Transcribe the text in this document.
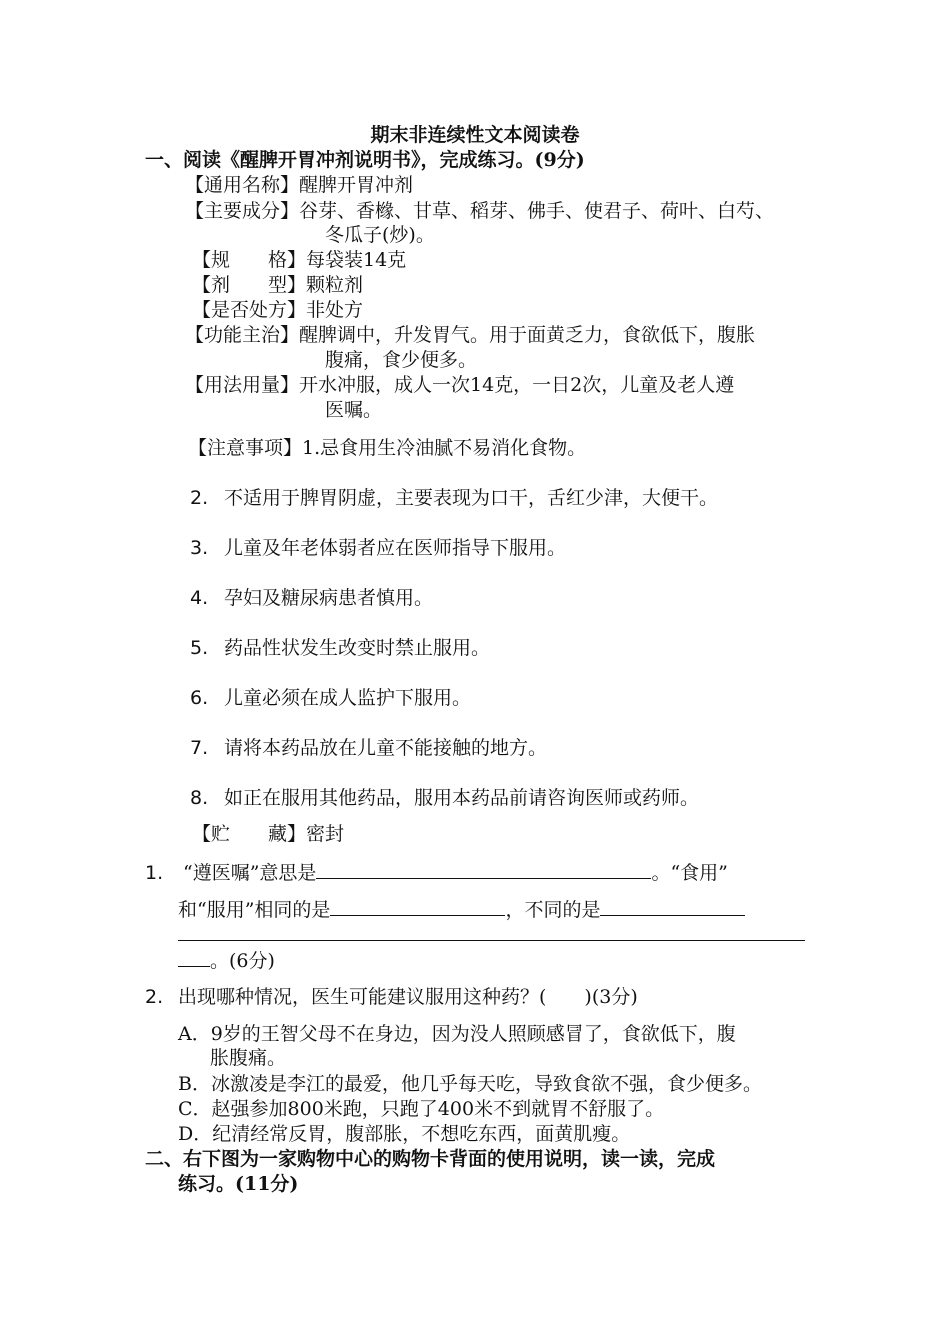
期末非连续性文本阅读卷
一、阅读《醒脾开胃冲剂说明书》，完成练习。(9分)
【通用名称】醒脾开胃冲剂
【主要成分】谷芽、香橼、甘草、稻芽、佛手、使君子、荷叶、白芍、
冬瓜子(炒)。
【规　　格】每袋装14克
【剂　　型】颗粒剂
【是否处方】非处方
【功能主治】醒脾调中，升发胃气。用于面黄乏力，食欲低下，腹胀
腹痛，食少便多。
【用法用量】开水冲服，成人一次14克，一日2次，儿童及老人遵
医嘱。
【注意事项】1.忌食用生冷油腻不易消化食物。
2. 不适用于脾胃阴虚，主要表现为口干，舌红少津，大便干。
3. 儿童及年老体弱者应在医师指导下服用。
4. 孕妇及糖尿病患者慎用。
5. 药品性状发生改变时禁止服用。
6. 儿童必须在成人监护下服用。
7. 请将本药品放在儿童不能接触的地方。
8. 如正在服用其他药品，服用本药品前请咨询医师或药师。
【贮　　藏】密封
1. “遵医嘱”意思是	。“食用”
和“服用”相同的是	，不同的是
。(6分)
2. 出现哪种情况，医生可能建议服用这种药？(　　)(3分)
A．9岁的王智父母不在身边，因为没人照顾感冒了，食欲低下，腹
胀腹痛。
B．冰激凌是李江的最爱，他几乎每天吃，导致食欲不强，食少便多。
C．赵强参加800米跑，只跑了400米不到就胃不舒服了。
D．纪清经常反胃，腹部胀，不想吃东西，面黄肌瘦。
二、右下图为一家购物中心的购物卡背面的使用说明，读一读，完成
练习。(11分)
